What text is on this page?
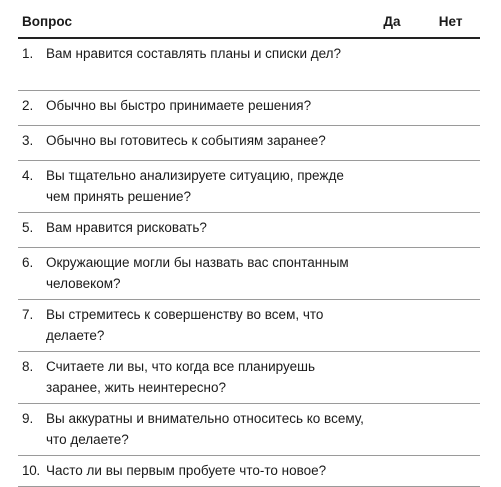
Вопрос	Да	Нет
1. Вам нравится составлять планы и списки дел?
2. Обычно вы быстро принимаете решения?
3. Обычно вы готовитесь к событиям заранее?
4. Вы тщательно анализируете ситуацию, прежде чем принять решение?
5. Вам нравится рисковать?
6. Окружающие могли бы назвать вас спонтанным человеком?
7. Вы стремитесь к совершенству во всем, что делаете?
8. Считаете ли вы, что когда все планируешь заранее, жить неинтересно?
9. Вы аккуратны и внимательно относитесь ко всему, что делаете?
10. Часто ли вы первым пробуете что-то новое?
